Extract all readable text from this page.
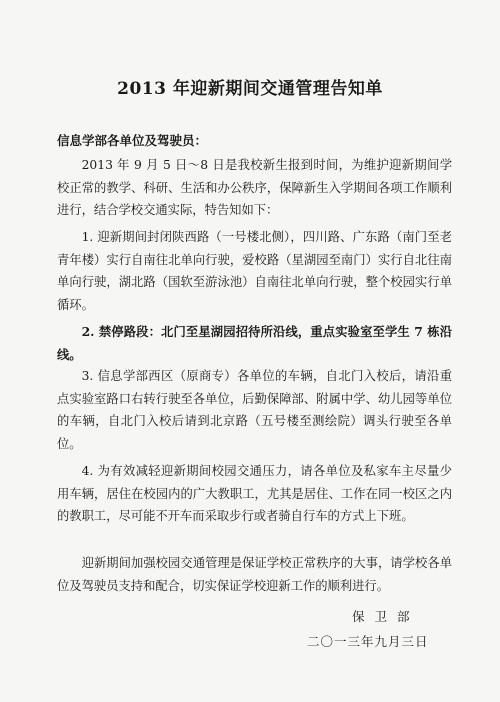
2013 年迎新期间交通管理告知单
信息学部各单位及驾驶员：

2013 年 9 月 5 日～8 日是我校新生报到时间，为维护迎新期间学校正常的教学、科研、生活和办公秩序，保障新生入学期间各项工作顺利进行，结合学校交通实际，特告知如下：

1. 迎新期间封闭陕西路（一号楼北侧），四川路、广东路（南门至老青年楼）实行自南往北单向行驶，爱校路（星湖园至南门）实行自北往南单向行驶，湖北路（国软至游泳池）自南往北单向行驶，整个校园实行单循环。

2. 禁停路段：北门至星湖园招待所沿线，重点实验室至学生 7 栋沿线。

3. 信息学部西区（原商专）各单位的车辆，自北门入校后，请沿重点实验室路口右转行驶至各单位，后勤保障部、附属中学、幼儿园等单位的车辆，自北门入校后请到北京路（五号楼至测绘院）调头行驶至各单位。

4. 为有效减轻迎新期间校园交通压力，请各单位及私家车主尽量少用车辆，居住在校园内的广大教职工，尤其是居住、工作在同一校区之内的教职工，尽可能不开车而采取步行或者骑自行车的方式上下班。

迎新期间加强校园交通管理是保证学校正常秩序的大事，请学校各单位及驾驶员支持和配合，切实保证学校迎新工作的顺利进行。

保卫部
二〇一三年九月三日
